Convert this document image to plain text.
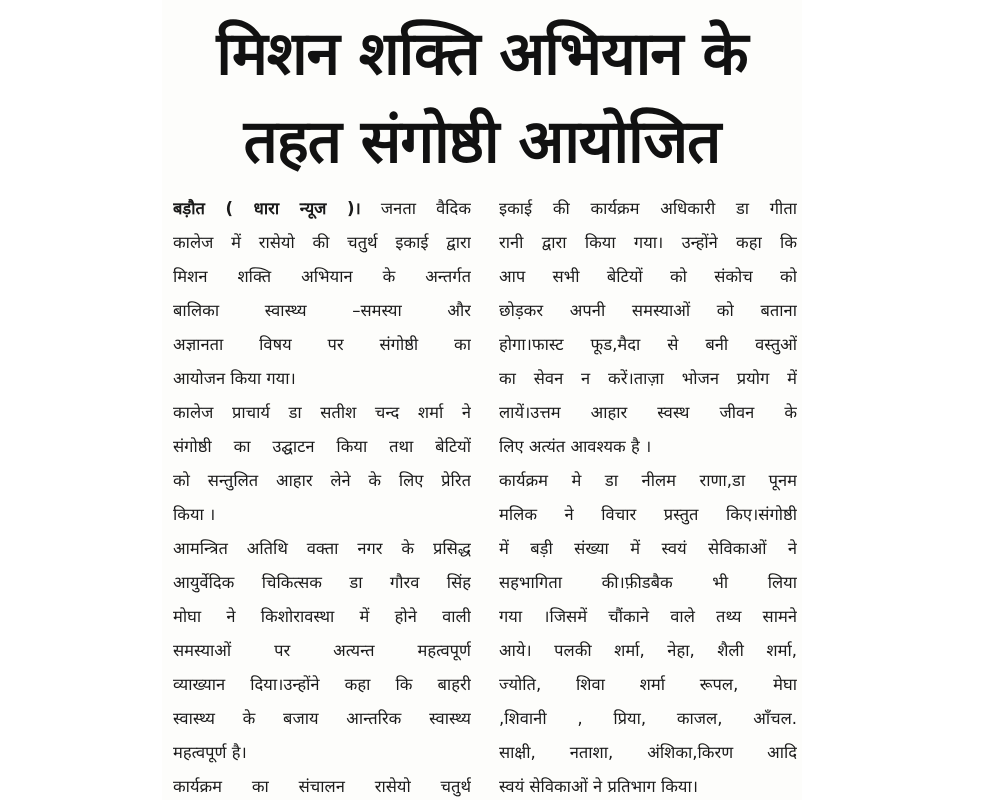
मिशन शक्ति अभियान के
तहत संगोष्ठी आयोजित
बड़ौत ( धारा न्यूज )। जनता वैदिक
कालेज में रासेयो की चतुर्थ इकाई द्वारा
मिशन शक्ति अभियान के अन्तर्गत
बालिका स्वास्थ्य –समस्या और
अज्ञानता विषय पर संगोष्ठी का
आयोजन किया गया।
कालेज प्राचार्य डा सतीश चन्द शर्मा ने
संगोष्ठी का उद्घाटन किया तथा बेटियों
को सन्तुलित आहार लेने के लिए प्रेरित
किया ।
आमन्त्रित अतिथि वक्ता नगर के प्रसिद्ध
आयुर्वेदिक चिकित्सक डा गौरव सिंह
मोघा ने किशोरावस्था में होने वाली
समस्याओं पर अत्यन्त महत्वपूर्ण
व्याख्यान दिया।उन्होंने कहा कि बाहरी
स्वास्थ्य के बजाय आन्तरिक स्वास्थ्य
महत्वपूर्ण है।
कार्यक्रम का संचालन रासेयो चतुर्थ
इकाई की कार्यक्रम अधिकारी डा गीता
रानी द्वारा किया गया। उन्होंने कहा कि
आप सभी बेटियों को संकोच को
छोड़कर अपनी समस्याओं को बताना
होगा।फास्ट फूड,मैदा से बनी वस्तुओं
का सेवन न करें।ताज़ा भोजन प्रयोग में
लायें।उत्तम आहार स्वस्थ जीवन के
लिए अत्यंत आवश्यक है ।
कार्यक्रम मे डा नीलम राणा,डा पूनम
मलिक ने विचार प्रस्तुत किए।संगोष्ठी
में बड़ी संख्या में स्वयं सेविकाओं ने
सहभागिता की।फ़ीडबैक भी लिया
गया ।जिसमें चौंकाने वाले तथ्य सामने
आये। पलकी शर्मा, नेहा, शैली शर्मा,
ज्योति, शिवा शर्मा रूपल, मेघा
,शिवानी , प्रिया, काजल, आँचल.
साक्षी, नताशा, अंशिका,किरण आदि
स्वयं सेविकाओं ने प्रतिभाग किया।
